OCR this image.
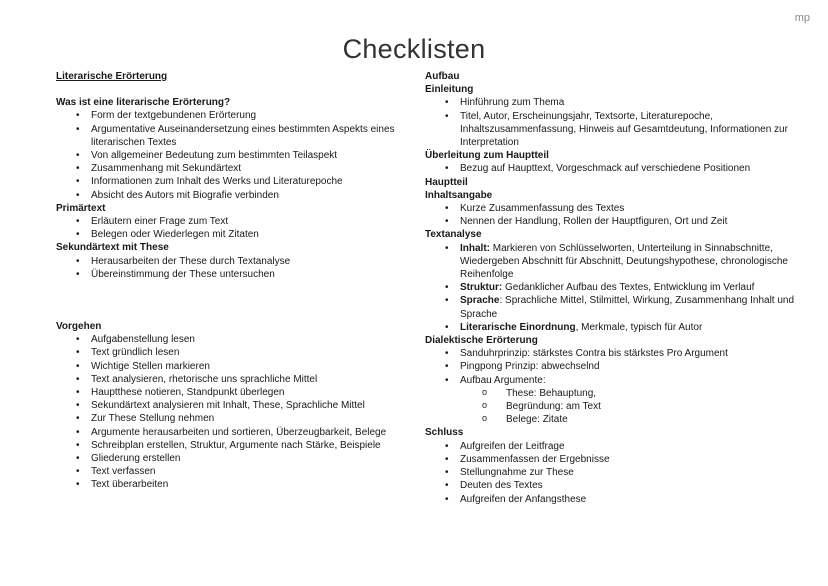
mp
Checklisten
Literarische Erörterung
Was ist eine literarische Erörterung?
• Form der textgebundenen Erörterung
• Argumentative Auseinandersetzung eines bestimmten Aspekts eines literarischen Textes
• Von allgemeiner Bedeutung zum bestimmten Teilaspekt
• Zusammenhang mit Sekundärtext
• Informationen zum Inhalt des Werks und Literaturepoche
• Absicht des Autors mit Biografie verbinden
Primärtext
• Erläutern einer Frage zum Text
• Belegen oder Wiederlegen mit Zitaten
Sekundärtext mit These
• Herausarbeiten der These durch Textanalyse
• Übereinstimmung der These untersuchen
Vorgehen
• Aufgabenstellung lesen
• Text gründlich lesen
• Wichtige Stellen markieren
• Text analysieren, rhetorische uns sprachliche Mittel
• Hauptthese notieren, Standpunkt überlegen
• Sekundärtext analysieren mit Inhalt, These, Sprachliche Mittel
• Zur These Stellung nehmen
• Argumente herausarbeiten und sortieren, Überzeugbarkeit, Belege
• Schreibplan erstellen, Struktur, Argumente nach Stärke, Beispiele
• Gliederung erstellen
• Text verfassen
• Text überarbeiten
Aufbau
Einleitung
• Hinführung zum Thema
• Titel, Autor, Erscheinungsjahr, Textsorte, Literaturepoche, Inhaltszusammenfassung, Hinweis auf Gesamtdeutung, Informationen zur Interpretation
Überleitung zum Hauptteil
• Bezug auf Haupttext, Vorgeschmack auf verschiedene Positionen
Hauptteil
Inhaltsangabe
• Kurze Zusammenfassung des Textes
• Nennen der Handlung, Rollen der Hauptfiguren, Ort und Zeit
Textanalyse
• Inhalt: Markieren von Schlüsselworten, Unterteilung in Sinnabschnitte, Wiedergeben Abschnitt für Abschnitt, Deutungshypothese, chronologische Reihenfolge
• Struktur: Gedanklicher Aufbau des Textes, Entwicklung im Verlauf
• Sprache: Sprachliche Mittel, Stilmittel, Wirkung, Zusammenhang Inhalt und Sprache
• Literarische Einordnung, Merkmale, typisch für Autor
Dialektische Erörterung
• Sanduhrprinzip: stärkstes Contra bis stärkstes Pro Argument
• Pingpong Prinzip: abwechselnd
• Aufbau Argumente:
o These: Behauptung,
o Begründung: am Text
o Belege: Zitate
Schluss
• Aufgreifen der Leitfrage
• Zusammenfassen der Ergebnisse
• Stellungnahme zur These
• Deuten des Textes
• Aufgreifen der Anfangsthese
